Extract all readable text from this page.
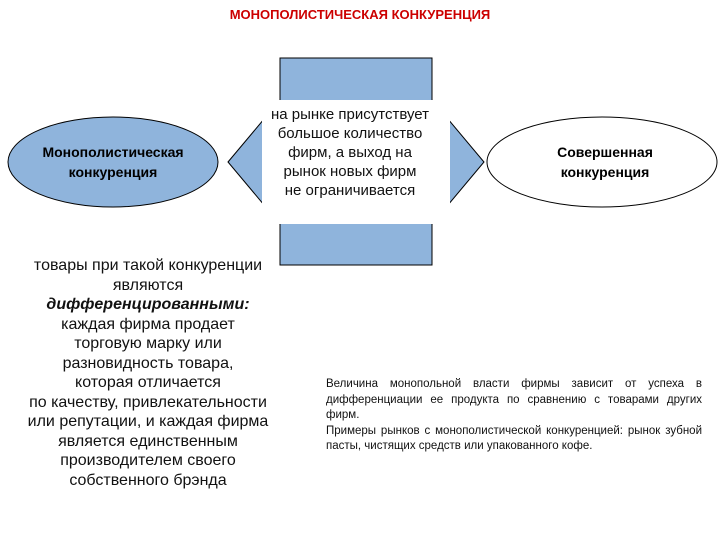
МОНОПОЛИСТИЧЕСКАЯ КОНКУРЕНЦИЯ
Монополистическая
конкуренция
Совершенная
конкуренция
на рынке присутствует
большое количество
фирм, а выход на
рынок новых фирм
не ограничивается
товары при такой конкуренции
являются
дифференцированными:
каждая фирма продает
торговую марку или
разновидность товара,
которая отличается
по качеству, привлекательности
или репутации, и каждая фирма
является единственным
производителем своего
собственного брэнда

Величина монопольной власти фирмы зависит от успеха в дифференциации ее продукта по сравнению с товарами других фирм.

Примеры рынков с монополистической конкуренцией: рынок зубной пасты, чистящих средств или упакованного кофе.
